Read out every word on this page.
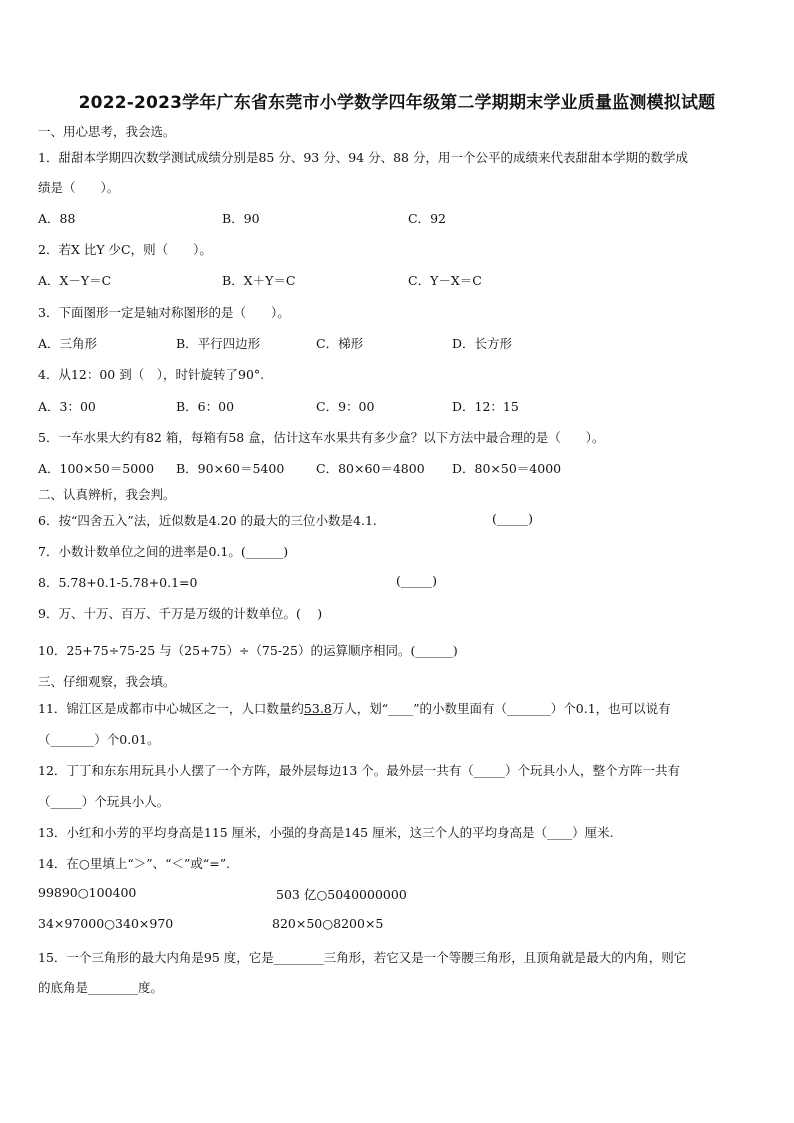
2022-2023学年广东省东莞市小学数学四年级第二学期期末学业质量监测模拟试题
一、用心思考，我会选。
1．甜甜本学期四次数学测试成绩分别是85 分、93 分、94 分、88 分，用一个公平的成绩来代表甜甜本学期的数学成
绩是（　　）。
A．88	B．90	C．92
2．若X 比Y 少C，则（　　）。
A．X－Y＝C	B．X＋Y＝C	C．Y－X＝C
3．下面图形一定是轴对称图形的是（　　）。
A．三角形	B．平行四边形	C．梯形	D．长方形
4．从12：00 到（　），时针旋转了90°.
A．3：00	B．6：00	C．9：00	D．12：15
5．一车水果大约有82 箱，每箱有58 盒，估计这车水果共有多少盒？以下方法中最合理的是（　　）。
A．100×50＝5000 B．90×60＝5400	C．80×60＝4800 D．80×50＝4000
二、认真辨析，我会判。
6．按“四舍五入”法，近似数是4.20 的最大的三位小数是4.1.	(_____)
7．小数计数单位之间的进率是0.1。(______)
8．5.78+0.1-5.78+0.1=0	(_____)
9．万、十万、百万、千万是万级的计数单位。(　 )
10．25+75÷75-25 与（25+75）÷（75-25）的运算顺序相同。(______)
三、仔细观察，我会填。
11．锦江区是成都市中心城区之一，人口数量约53.8万人，划“____”的小数里面有（_______）个0.1，也可以说有
（_______）个0.01。
12．丁丁和东东用玩具小人摆了一个方阵，最外层每边13 个。最外层一共有（_____）个玩具小人，整个方阵一共有
（_____）个玩具小人。
13．小红和小芳的平均身高是115 厘米，小强的身高是145 厘米，这三个人的平均身高是（____）厘米.
14．在○里填上“＞”、“＜”或“=”.
99890○100400	503 亿○5040000000
34×97000○340×970	820×50○8200×5
15．一个三角形的最大内角是95 度，它是________三角形，若它又是一个等腰三角形，且顶角就是最大的内角，则它
的底角是________度。
